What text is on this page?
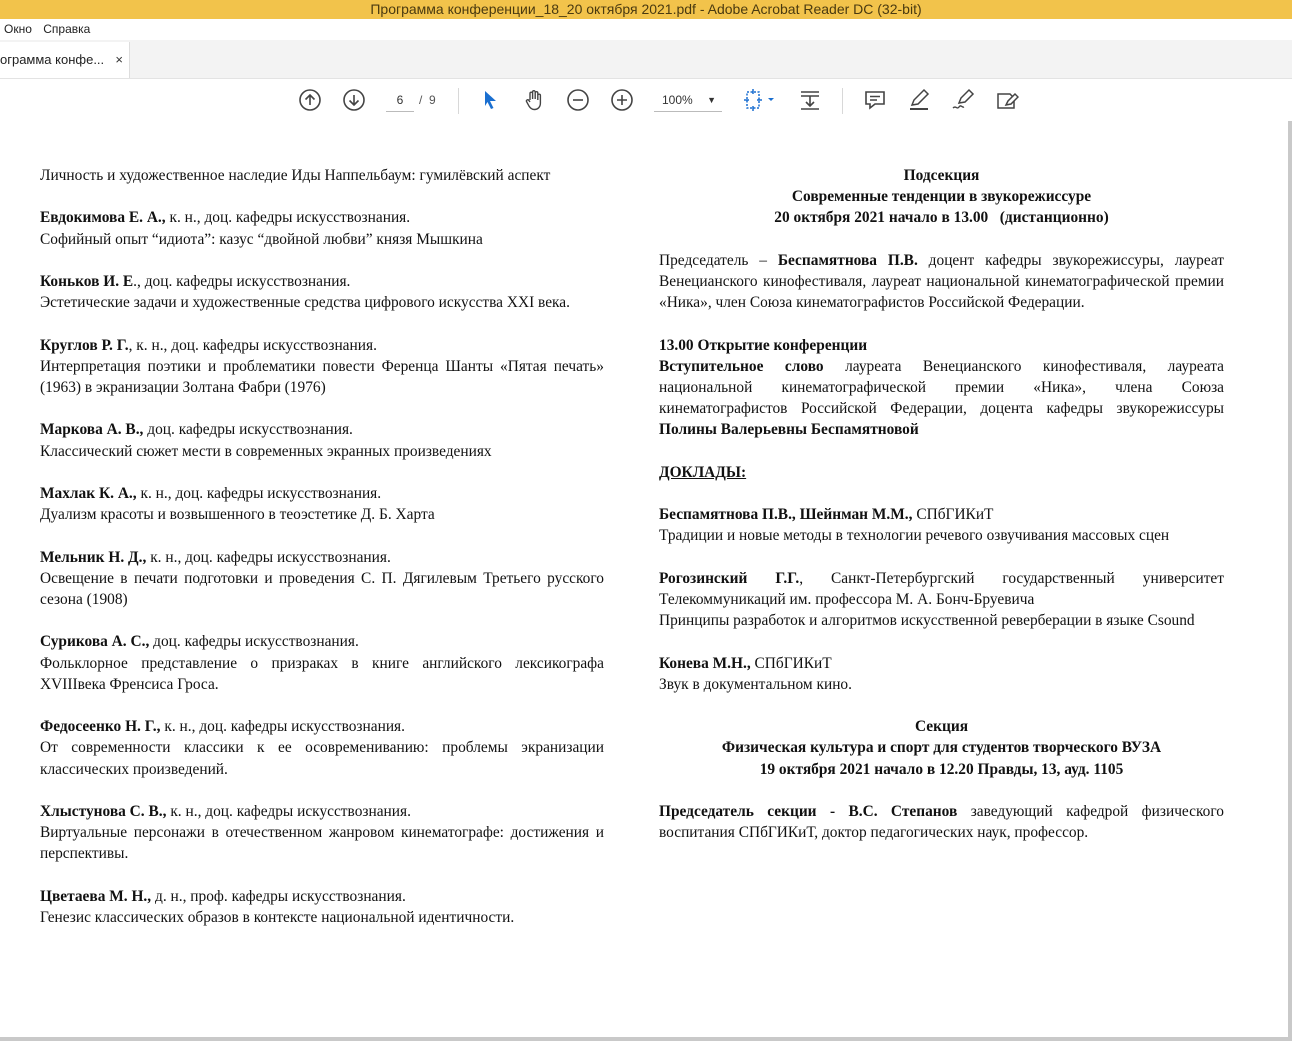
Программа конференции_18_20 октября 2021.pdf - Adobe Acrobat Reader DC (32-bit)
Окно Справка
ограмма конфе... ×
6	/ 9	100% ▼

Личность и художественное наследие Иды Наппельбаум: гумилёвский аспект

Евдокимова Е. А., к. н., доц. кафедры искусствознания.

Софийный опыт “идиота”: казус “двойной любви” князя Мышкина

Коньков И. Е., доц. кафедры искусствознания.

Эстетические задачи и художественные средства цифрового искусства XXI века.

Круглов Р. Г., к. н., доц. кафедры искусствознания.

Интерпретация поэтики и проблематики повести Ференца Шанты «Пятая печать» (1963) в экранизации Золтана Фабри (1976)

Маркова А. В., доц. кафедры искусствознания.

Классический сюжет мести в современных экранных произведениях

Махлак К. А., к. н., доц. кафедры искусствознания.

Дуализм красоты и возвышенного в теоэстетике Д. Б. Харта

Мельник Н. Д., к. н., доц. кафедры искусствознания.

Освещение в печати подготовки и проведения С. П. Дягилевым Третьего русского сезона (1908)

Сурикова А. С., доц. кафедры искусствознания.

Фольклорное представление о призраках в книге английского лексикографа XVIIIвека Френсиса Гроса.

Федосеенко Н. Г., к. н., доц. кафедры искусствознания.

От современности классики к ее осовремениванию: проблемы экранизации классических произведений.

Хлыстунова С. В., к. н., доц. кафедры искусствознания.

Виртуальные персонажи в отечественном жанровом кинематографе: достижения и перспективы.

Цветаева М. Н., д. н., проф. кафедры искусствознания.

Генезис классических образов в контексте национальной идентичности.

Подсекция

Современные тенденции в звукорежиссуре

20 октября 2021 начало в 13.00   (дистанционно)

Председатель – Беспамятнова П.В. доцент кафедры звукорежиссуры, лауреат Венецианского кинофестиваля, лауреат национальной кинематографической премии «Ника», член Союза кинематографистов Российской Федерации.

13.00 Открытие конференции

Вступительное слово лауреата Венецианского кинофестиваля, лауреата национальной кинематографической премии «Ника», члена Союза кинематографистов Российской Федерации, доцента кафедры звукорежиссуры Полины Валерьевны Беспамятновой

ДОКЛАДЫ:

Беспамятнова П.В., Шейнман М.М., СПбГИКиТ

Традиции и новые методы в технологии речевого озвучивания массовых сцен

Рогозинский Г.Г., Санкт-Петербургский государственный университет Телекоммуникаций им. профессора М. А. Бонч-Бруевича

Принципы разработок и алгоритмов искусственной реверберации в языке Csound

Конева М.Н., СПбГИКиТ

Звук в документальном кино.

Секция

Физическая культура и спорт для студентов творческого ВУЗА

19 октября 2021 начало в 12.20 Правды, 13, ауд. 1105

Председатель секции - В.С. Степанов заведующий кафедрой физического воспитания СПбГИКиТ, доктор педагогических наук, профессор.
